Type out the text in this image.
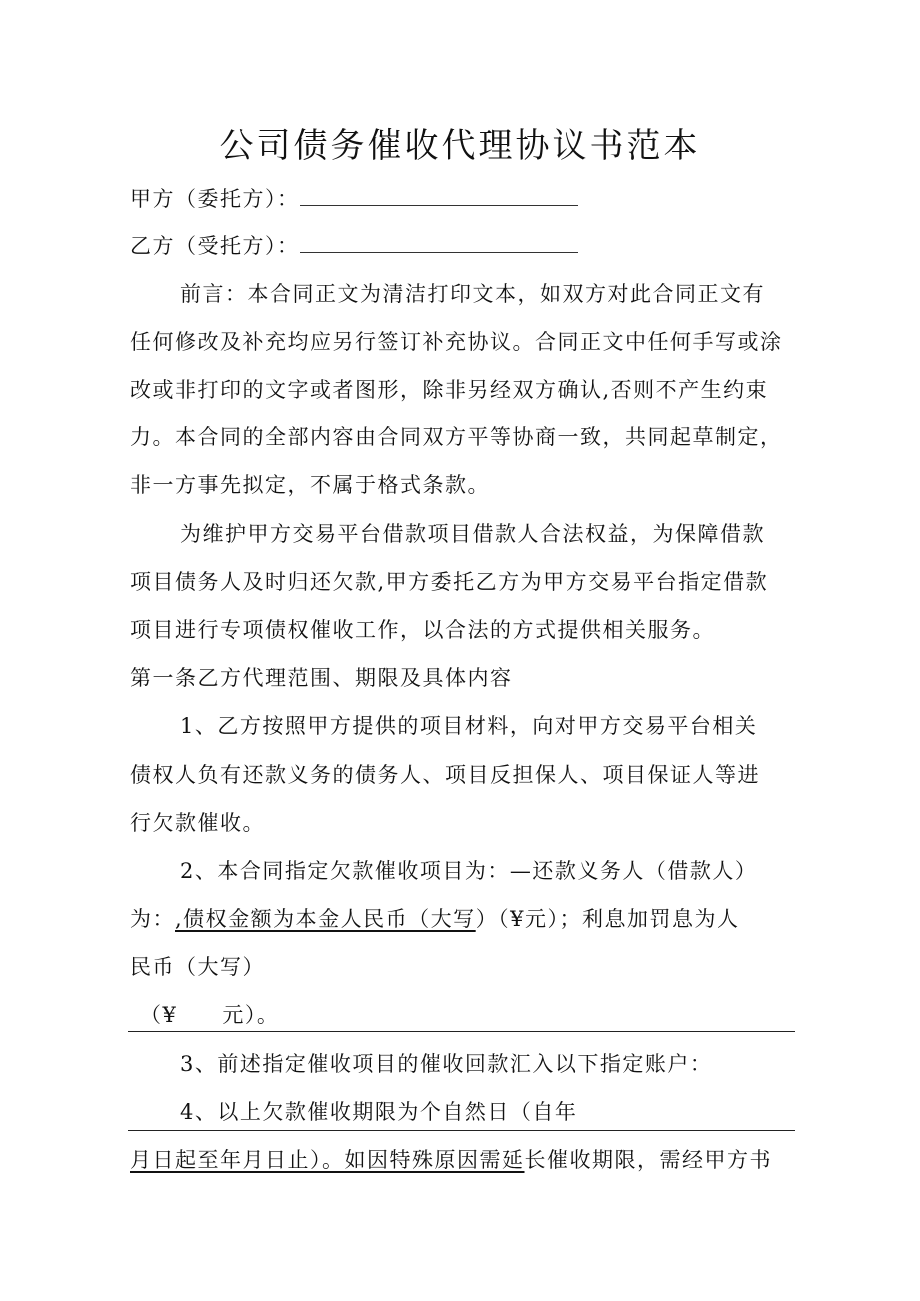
公司债务催收代理协议书范本
甲方（委托方）：
乙方（受托方）：
前言：本合同正文为清洁打印文本，如双方对此合同正文有
任何修改及补充均应另行签订补充协议。合同正文中任何手写或涂
改或非打印的文字或者图形，除非另经双方确认,否则不产生约束
力。本合同的全部内容由合同双方平等协商一致，共同起草制定，
非一方事先拟定，不属于格式条款。
为维护甲方交易平台借款项目借款人合法权益，为保障借款
项目债务人及时归还欠款,甲方委托乙方为甲方交易平台指定借款
项目进行专项债权催收工作，以合法的方式提供相关服务。
第一条乙方代理范围、期限及具体内容
1、乙方按照甲方提供的项目材料，向对甲方交易平台相关
债权人负有还款义务的债务人、项目反担保人、项目保证人等进
行欠款催收。
2、本合同指定欠款催收项目为：—还款义务人（借款人）
为：,债权金额为本金人民币（大写）（¥元）；利息加罚息为人
民币（大写）
（¥　　元）。
3、前述指定催收项目的催收回款汇入以下指定账户：
4、以上欠款催收期限为个自然日（自年
月日起至年月日止）。如因特殊原因需延长催收期限，需经甲方书
